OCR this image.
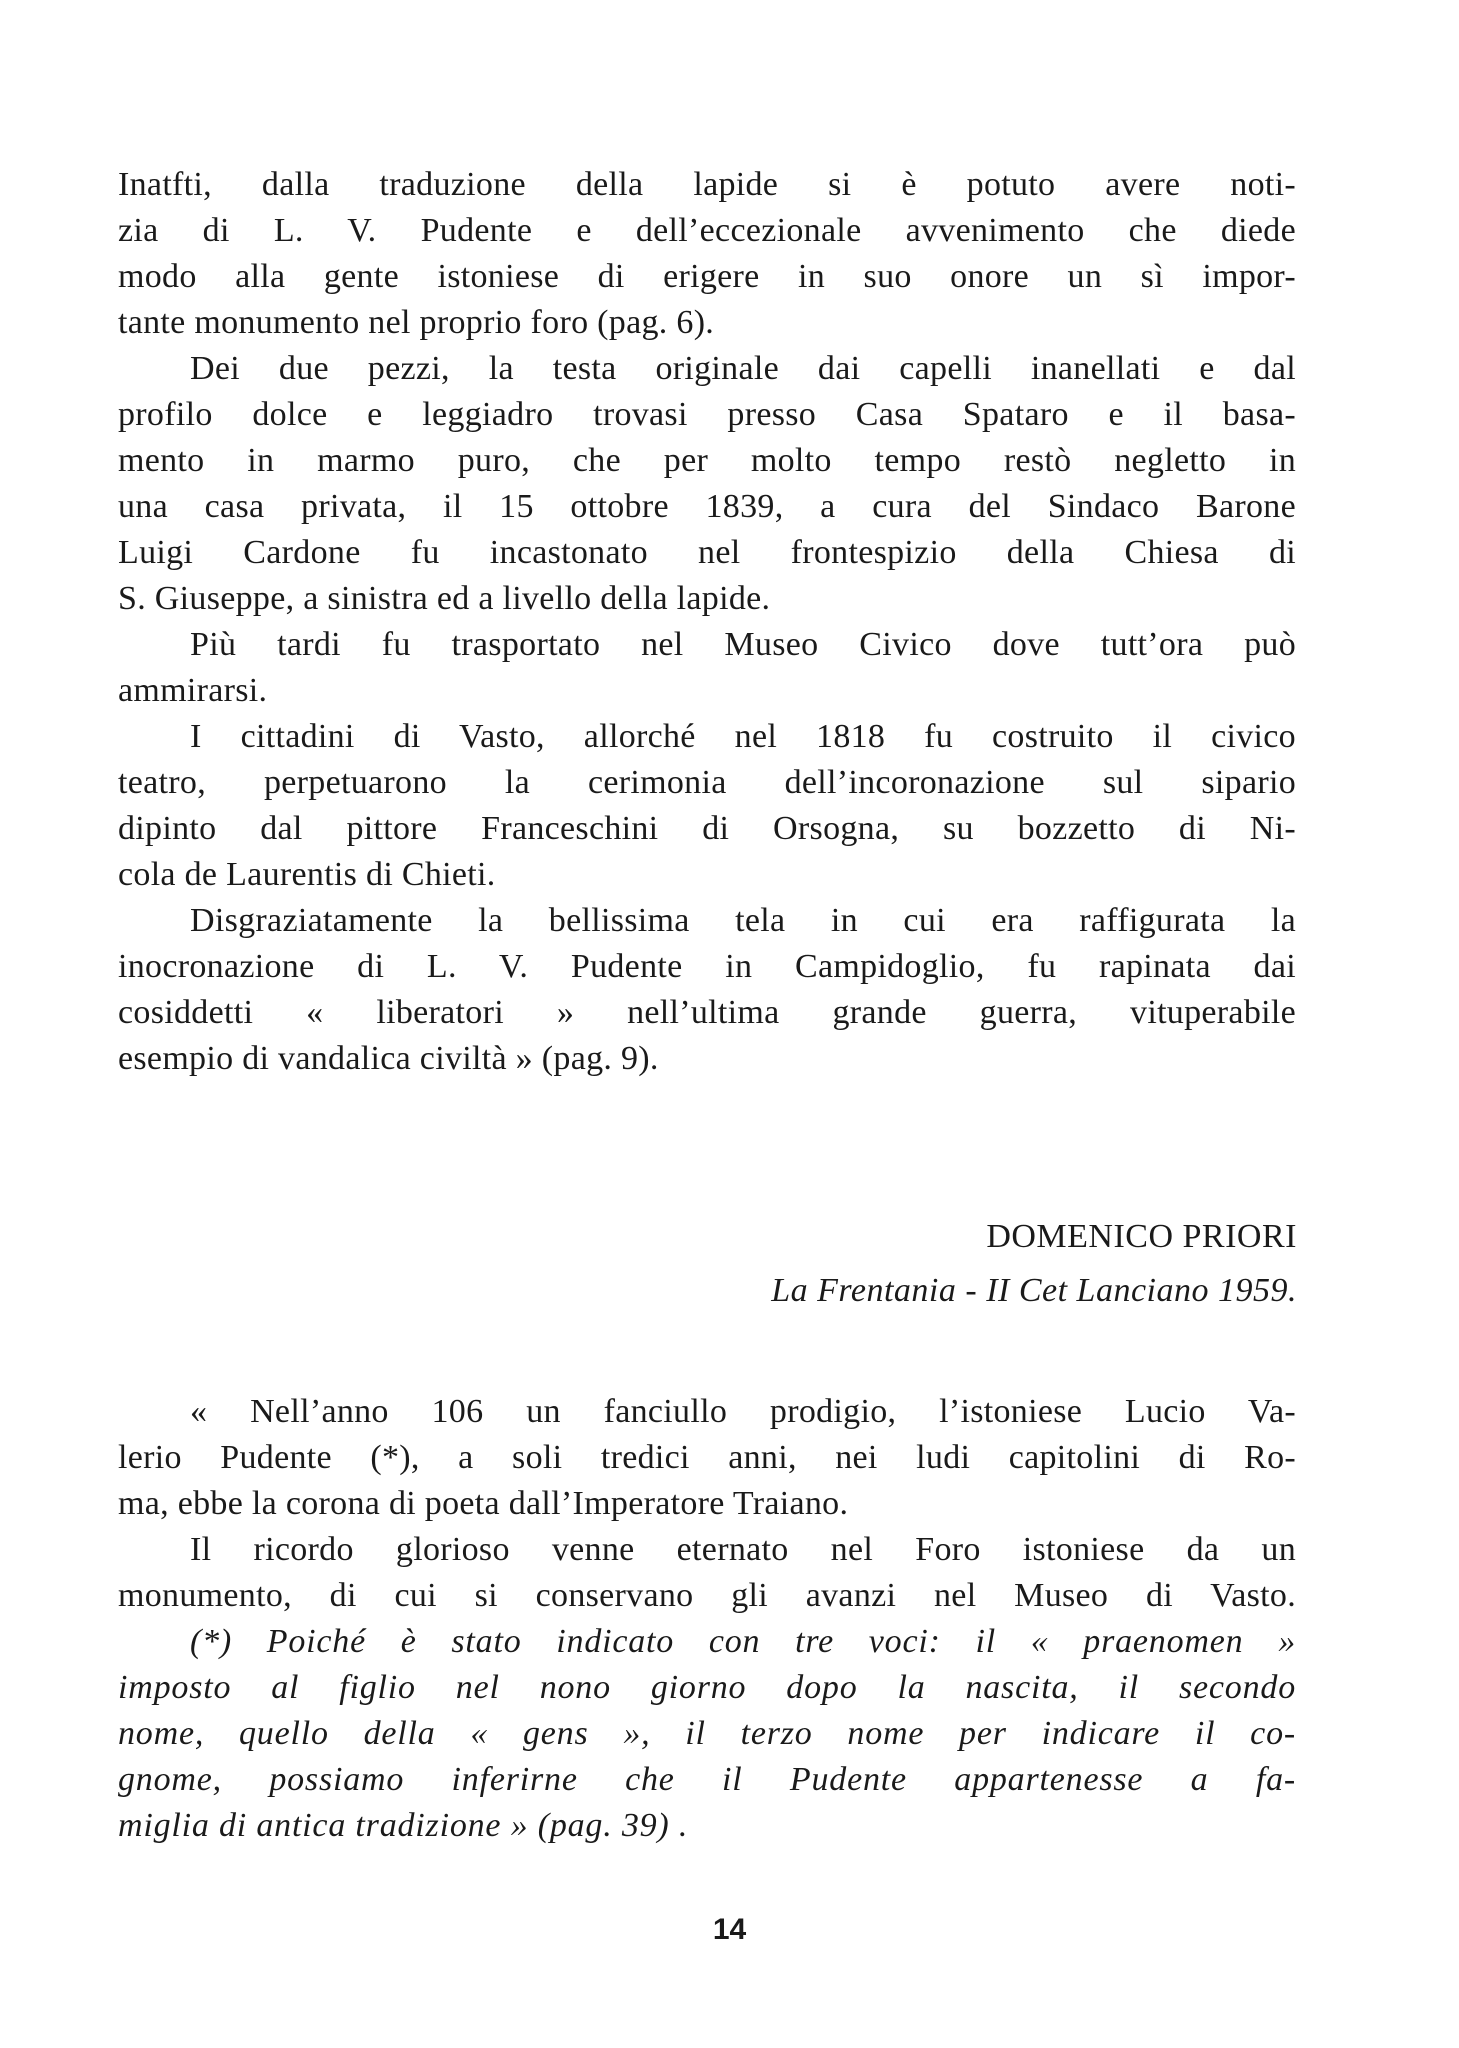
Inatfti, dalla traduzione della lapide si è potuto avere noti-
zia di L. V. Pudente e dell’eccezionale avvenimento che diede
modo alla gente istoniese di erigere in suo onore un sì impor-
tante monumento nel proprio foro (pag. 6).
Dei due pezzi, la testa originale dai capelli inanellati e dal
profilo dolce e leggiadro trovasi presso Casa Spataro e il basa-
mento in marmo puro, che per molto tempo restò negletto in
una casa privata, il 15 ottobre 1839, a cura del Sindaco Barone
Luigi Cardone fu incastonato nel frontespizio della Chiesa di
S. Giuseppe, a sinistra ed a livello della lapide.
Più tardi fu trasportato nel Museo Civico dove tutt’ora può
ammirarsi.
I cittadini di Vasto, allorché nel 1818 fu costruito il civico
teatro, perpetuarono la cerimonia dell’incoronazione sul sipario
dipinto dal pittore Franceschini di Orsogna, su bozzetto di Ni-
cola de Laurentis di Chieti.
Disgraziatamente la bellissima tela in cui era raffigurata la
inocronazione di L. V. Pudente in Campidoglio, fu rapinata dai
cosiddetti « liberatori » nell’ultima grande guerra, vituperabile
esempio di vandalica civiltà » (pag. 9).
DOMENICO PRIORI
La Frentania - II Cet Lanciano 1959.
« Nell’anno 106 un fanciullo prodigio, l’istoniese Lucio Va-
lerio Pudente (*), a soli tredici anni, nei ludi capitolini di Ro-
ma, ebbe la corona di poeta dall’Imperatore Traiano.
Il ricordo glorioso venne eternato nel Foro istoniese da un
monumento, di cui si conservano gli avanzi nel Museo di Vasto.
(*) Poiché è stato indicato con tre voci: il « praenomen »
imposto al figlio nel nono giorno dopo la nascita, il secondo
nome, quello della « gens », il terzo nome per indicare il co-
gnome, possiamo inferirne che il Pudente appartenesse a fa-
miglia di antica tradizione » (pag. 39) .
14
